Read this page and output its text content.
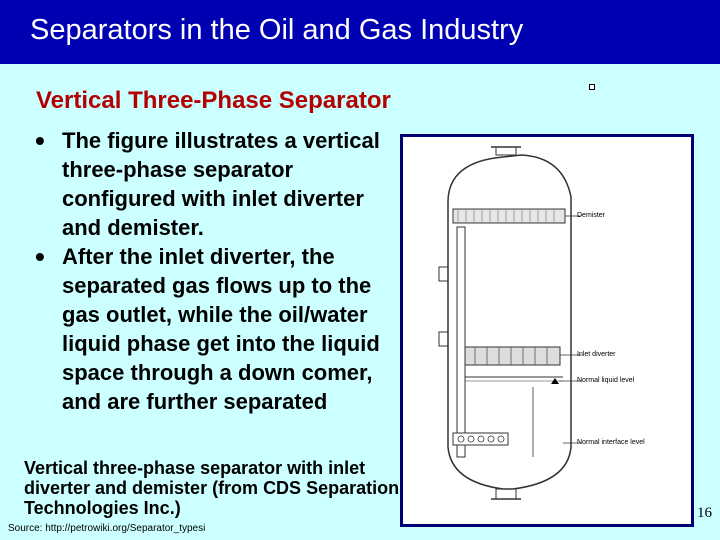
Separators in the Oil and Gas Industry
Vertical Three-Phase Separator
• The figure illustrates a vertical three-phase separator configured with inlet diverter and demister.
• After the inlet diverter, the separated gas flows up to the gas outlet, while the oil/water liquid phase get into the liquid space through a down comer, and are further separated
Vertical three-phase separator with inlet diverter and demister (from CDS Separation Technologies Inc.)
Source: http://petrowiki.org/Separator_typesi
16
Demister
Inlet diverter
Normal liquid level
Normal interface level
